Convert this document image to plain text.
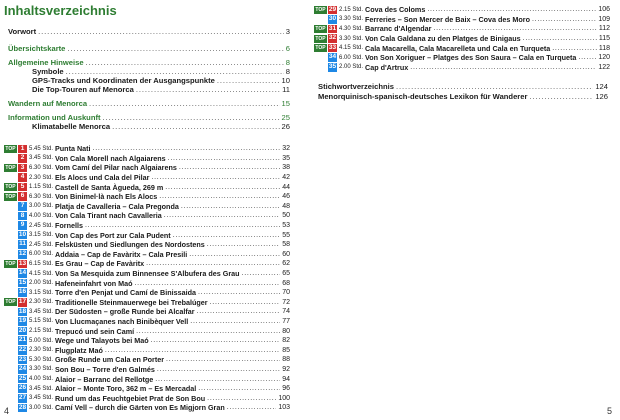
Inhaltsverzeichnis
Vorwort . . .	3
Übersichtskarte . . .	6
Allgemeine Hinweise . . .	8
Symbole . . .	8
GPS-Tracks und Koordinaten der Ausgangspunkte . . .	10
Die Top-Touren auf Menorca . . .	11
Wandern auf Menorca . . .	15
Information und Auskunft . . .	25
Klimatabelle Menorca . . .	26
TOP 1 5.45 Std. Punta Nati . . .	32
2 3.45 Std. Von Cala Morell nach Algaiarens . . .	35
TOP 3 6.30 Std. Vom Camí del Pilar nach Algaiarens . . .	38
4 2.30 Std. Els Alocs und Cala del Pilar . . .	42
TOP 5 1.15 Std. Castell de Santa Àgueda, 269 m . . .	44
TOP 6 6.30 Std. Von Binimel·là nach Els Alocs . . .	46
7 3.00 Std. Platja de Cavalleria – Cala Pregonda . . .	48
8 4.00 Std. Von Cala Tirant nach Cavalleria . . .	50
9 2.45 Std. Fornells . . .	53
10 3.15 Std. Von Cap des Port zur Cala Pudent . . .	55
11 2.45 Std. Felsküsten und Siedlungen des Nordostens . . .	58
12 6.00 Std. Addaia – Cap de Favàritx – Cala Presili . . .	60
TOP 13 6.15 Std. Es Grau – Cap de Favàritx . . .	62
14 4.15 Std. Von Sa Mesquida zum Binnensee S'Albufera des Grau . . .	65
15 2.00 Std. Hafeneinfahrt von Maó . . .	68
16 3.15 Std. Torre d'en Penjat und Camí de Binissaida . . .	70
TOP 17 2.30 Std. Traditionelle Steinmauerwege bei Trebalúger . . .	72
18 3.45 Std. Der Südosten – große Runde bei Alcalfar . . .	74
19 5.15 Std. Von Llucmaçanes nach Binibèquer Vell . . .	77
20 2.15 Std. Trepucó und sein Camí . . .	80
21 5.00 Std. Wege und Talayots bei Maó . . .	82
22 2.30 Std. Flugplatz Maó . . .	85
23 5.30 Std. Große Runde um Cala en Porter . . .	88
24 3.30 Std. Son Bou – Torre d'en Galmés . . .	92
25 4.00 Std. Alaior – Barranc del Rellotge . . .	94
26 3.45 Std. Alaior – Monte Toro, 362 m – Es Mercadal . . .	96
27 3.45 Std. Rund um das Feuchtgebiet Prat de Son Bou . . .	100
28 3.00 Std. Camí Vell – durch die Gärten von Es Migjorn Gran . . .	103
4
TOP 29 2.15 Std. Cova des Coloms . . .	106
30 3.30 Std. Ferreries – Son Mercer de Baix – Cova des Moro . . .	109
TOP 31 4.30 Std. Barranc d'Algendar . . .	112
TOP 32 3.30 Std. Von Cala Galdana zu den Platges de Binigaus . . .	115
TOP 33 4.15 Std. Cala Macarella, Cala Macarelleta und Cala en Turqueta . . .	118
34 6.00 Std. Von Son Xoriguer – Platges des Son Saura – Cala en Turqueta . . .	120
35 2.00 Std. Cap d'Artrux . . .	122
Stichwortverzeichnis . . .	124
Menorquinisch-spanisch-deutsches Lexikon für Wanderer . . .	126
5
